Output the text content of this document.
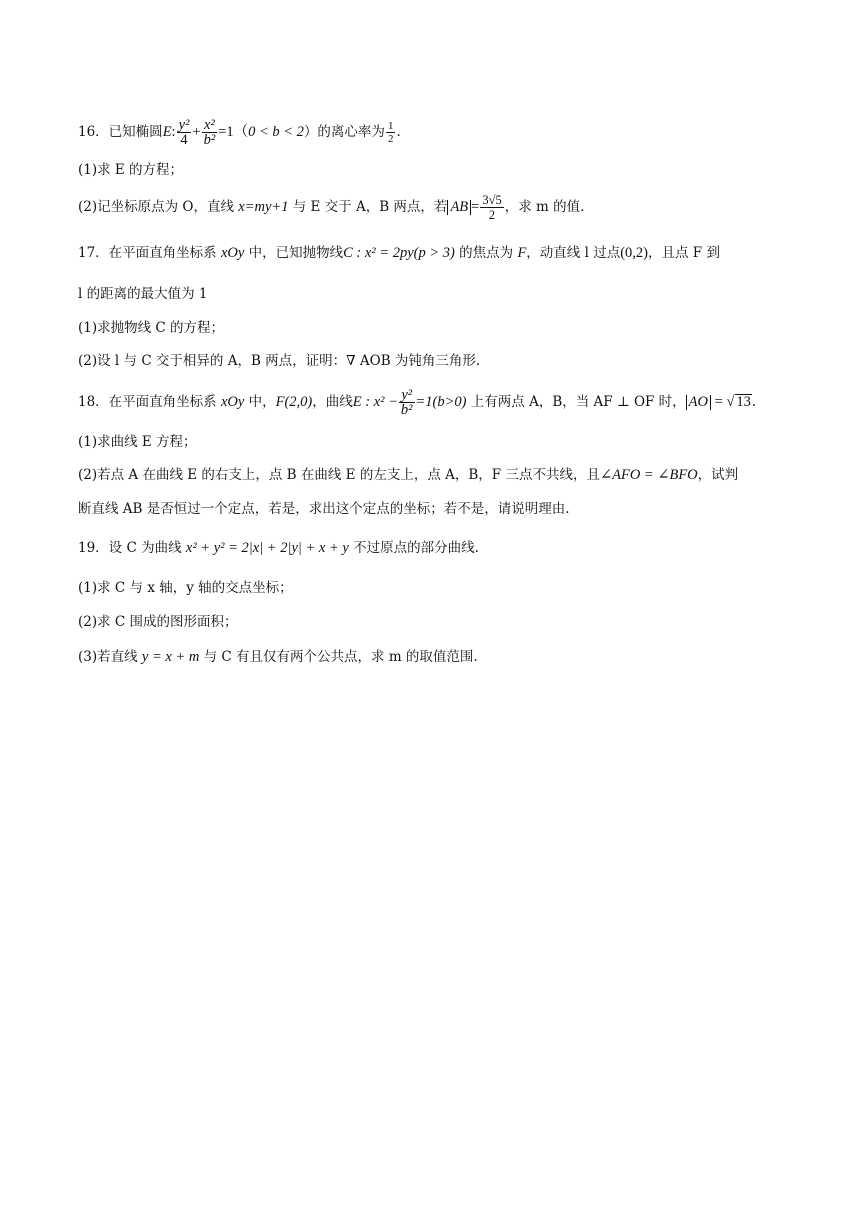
16．已知椭圆E: $\frac{\text{y²}}{4} + \frac{\text{x²}}{\text{b²}} =1(0 < b < 2)$的离心率为 $\frac{1}{2}$ ．
(1)求 E 的方程；
(2)记坐标原点为 O，直线 x=my+1 与 E 交于 A，B 两点，若 AB = $\frac{3√5}{2}$ ，求 m 的值.
17．在平面直角坐标系 xOy 中，已知抛物线C : x² = 2py(p > 3) 的焦点为 F，动直线 l 过点(0,2)，且点 F 到
l 的距离的最大值为 1
(1)求抛物线 C 的方程；
(2)设 l 与 C 交于相异的 A，B 两点，证明：∇ AOB 为钝角三角形.
18．在平面直角坐标系 xOy 中，F(2,0)，曲线E : $x^2 - \frac{\text{y²}}{\text{b²}} =1(b>0)$ 上有两点 A，B，当 AF ⊥ OF 时， AO = √ 13.
(1)求曲线 E 方程；
(2)若点 A 在曲线 E 的右支上，点 B 在曲线 E 的左支上，点 A，B，F 三点不共线，且∠AFO = ∠BFO，试判
断直线 AB 是否恒过一个定点，若是，求出这个定点的坐标；若不是，请说明理由.
19．设 C 为曲线 x² + y² = 2|x| + 2|y| + x + y 不过原点的部分曲线.
(1)求 C 与 x 轴，y 轴的交点坐标；
(2)求 C 围成的图形面积；
(3)若直线 y = x + m 与 C 有且仅有两个公共点，求 m 的取值范围.
